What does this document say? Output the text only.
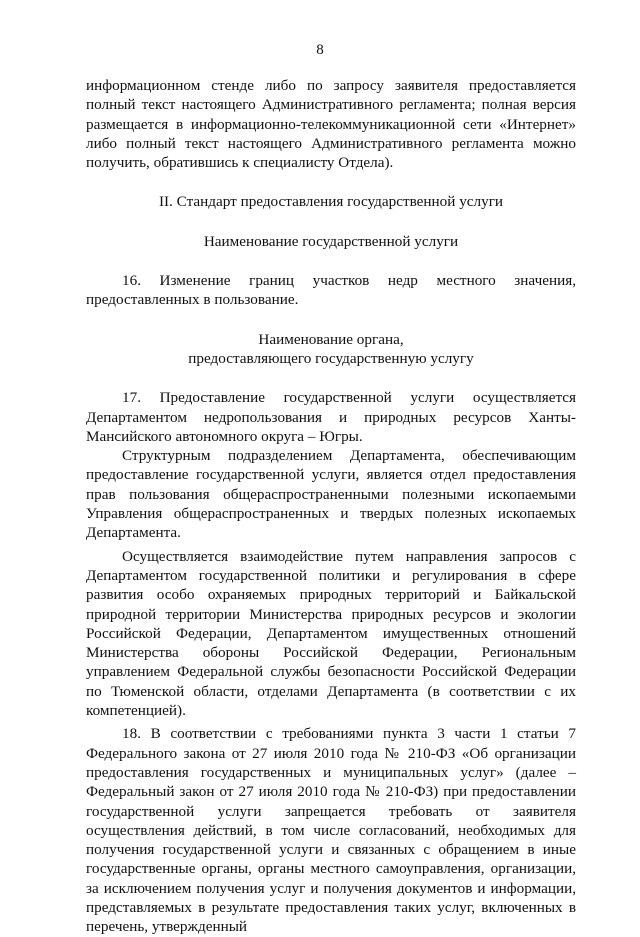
8

информационном стенде либо по запросу заявителя предоставляется полный текст настоящего Административного регламента; полная версия размещается в информационно-телекоммуникационной сети «Интернет» либо полный текст настоящего Административного регламента можно получить, обратившись к специалисту Отдела).

II. Стандарт предоставления государственной услуги

Наименование государственной услуги

16. Изменение границ участков недр местного значения, предоставленных в пользование.

Наименование органа,

предоставляющего государственную услугу

17. Предоставление государственной услуги осуществляется Департаментом недропользования и природных ресурсов Ханты-Мансийского автономного округа – Югры.

Структурным подразделением Департамента, обеспечивающим предоставление государственной услуги, является отдел предоставления прав пользования общераспространенными полезными ископаемыми Управления общераспространенных и твердых полезных ископаемых Департамента.

Осуществляется взаимодействие путем направления запросов с Департаментом государственной политики и регулирования в сфере развития особо охраняемых природных территорий и Байкальской природной территории Министерства природных ресурсов и экологии Российской Федерации, Департаментом имущественных отношений Министерства обороны Российской Федерации, Региональным управлением Федеральной службы безопасности Российской Федерации по Тюменской области, отделами Департамента (в соответствии с их компетенцией).

18. В соответствии с требованиями пункта 3 части 1 статьи 7 Федерального закона от 27 июля 2010 года № 210-ФЗ «Об организации предоставления государственных и муниципальных услуг» (далее – Федеральный закон от 27 июля 2010 года № 210-ФЗ) при предоставлении государственной услуги запрещается требовать от заявителя осуществления действий, в том числе согласований, необходимых для получения государственной услуги и связанных с обращением в иные государственные органы, органы местного самоуправления, организации, за исключением получения услуг и получения документов и информации, представляемых в результате предоставления таких услуг, включенных в перечень, утвержденный
